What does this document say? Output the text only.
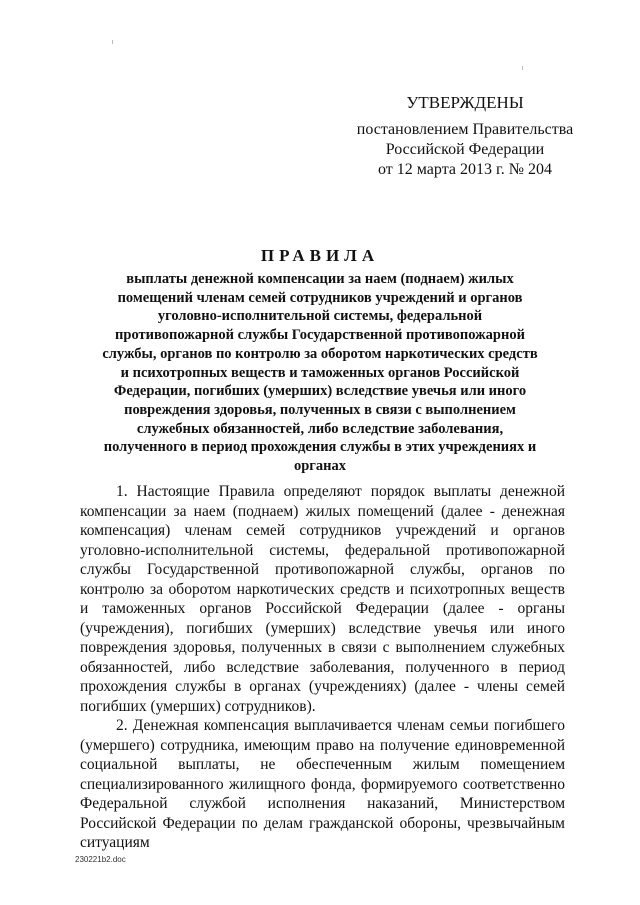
УТВЕРЖДЕНЫ
постановлением Правительства
Российской Федерации
от 12 марта 2013 г. № 204
ПРАВИЛА
выплаты денежной компенсации за наем (поднаем) жилых помещений членам семей сотрудников учреждений и органов уголовно-исполнительной системы, федеральной противопожарной службы Государственной противопожарной службы, органов по контролю за оборотом наркотических средств и психотропных веществ и таможенных органов Российской Федерации, погибших (умерших) вследствие увечья или иного повреждения здоровья, полученных в связи с выполнением служебных обязанностей, либо вследствие заболевания, полученного в период прохождения службы в этих учреждениях и органах

1. Настоящие Правила определяют порядок выплаты денежной компенсации за наем (поднаем) жилых помещений (далее - денежная компенсация) членам семей сотрудников учреждений и органов уголовно-исполнительной системы, федеральной противопожарной службы Государственной противопожарной службы, органов по контролю за оборотом наркотических средств и психотропных веществ и таможенных органов Российской Федерации (далее - органы (учреждения), погибших (умерших) вследствие увечья или иного повреждения здоровья, полученных в связи с выполнением служебных обязанностей, либо вследствие заболевания, полученного в период прохождения службы в органах (учреждениях) (далее - члены семей погибших (умерших) сотрудников).

2. Денежная компенсация выплачивается членам семьи погибшего (умершего) сотрудника, имеющим право на получение единовременной социальной выплаты, не обеспеченным жилым помещением специализированного жилищного фонда, формируемого соответственно Федеральной службой исполнения наказаний, Министерством Российской Федерации по делам гражданской обороны, чрезвычайным ситуациям

230221b2.doc
